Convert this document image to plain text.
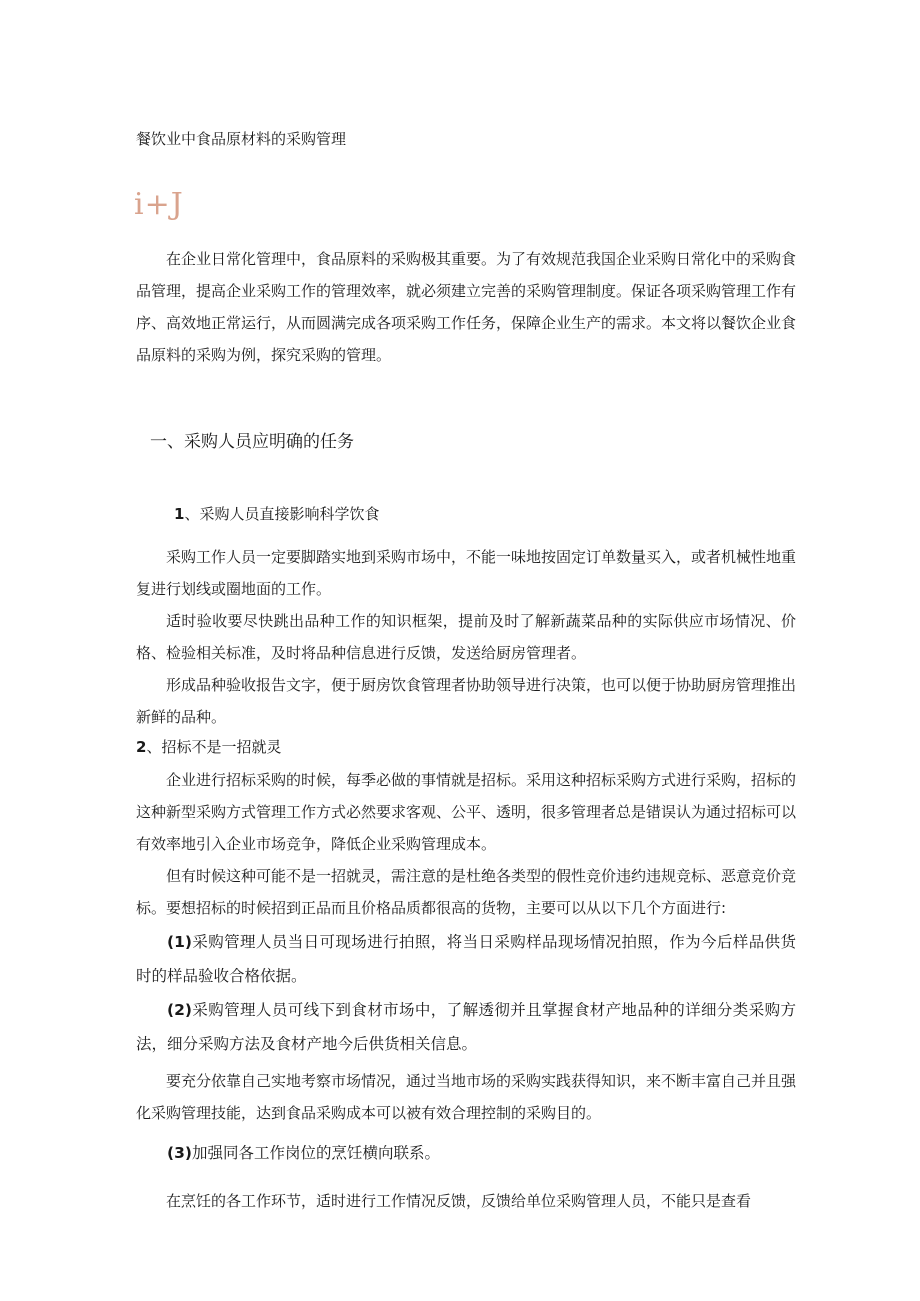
餐饮业中食品原材料的采购管理
i+J

在企业日常化管理中，食品原料的采购极其重要。为了有效规范我国企业采购日常化中的采购食品管理，提高企业采购工作的管理效率，就必须建立完善的采购管理制度。保证各项采购管理工作有序、高效地正常运行，从而圆满完成各项采购工作任务，保障企业生产的需求。本文将以餐饮企业食品原料的采购为例，探究采购的管理。

一、采购人员应明确的任务
1、采购人员直接影响科学饮食

采购工作人员一定要脚踏实地到采购市场中，不能一味地按固定订单数量买入，或者机械性地重复进行划线或圈地面的工作。

适时验收要尽快跳出品种工作的知识框架，提前及时了解新蔬菜品种的实际供应市场情况、价格、检验相关标准，及时将品种信息进行反馈，发送给厨房管理者。

形成品种验收报告文字，便于厨房饮食管理者协助领导进行决策，也可以便于协助厨房管理推出新鲜的品种。

2、招标不是一招就灵

企业进行招标采购的时候，每季必做的事情就是招标。采用这种招标采购方式进行采购，招标的这种新型采购方式管理工作方式必然要求客观、公平、透明，很多管理者总是错误认为通过招标可以有效率地引入企业市场竞争，降低企业采购管理成本。

但有时候这种可能不是一招就灵，需注意的是杜绝各类型的假性竞价违约违规竞标、恶意竞价竞标。要想招标的时候招到正品而且价格品质都很高的货物，主要可以从以下几个方面进行:

(1)采购管理人员当日可现场进行拍照，将当日采购样品现场情况拍照，作为今后样品供货时的样品验收合格依据。

(2)采购管理人员可线下到食材市场中，了解透彻并且掌握食材产地品种的详细分类采购方法，细分采购方法及食材产地今后供货相关信息。

要充分依靠自己实地考察市场情况，通过当地市场的采购实践获得知识，来不断丰富自己并且强化采购管理技能，达到食品采购成本可以被有效合理控制的采购目的。

(3)加强同各工作岗位的烹饪横向联系。

在烹饪的各工作环节，适时进行工作情况反馈，反馈给单位采购管理人员，不能只是查看
